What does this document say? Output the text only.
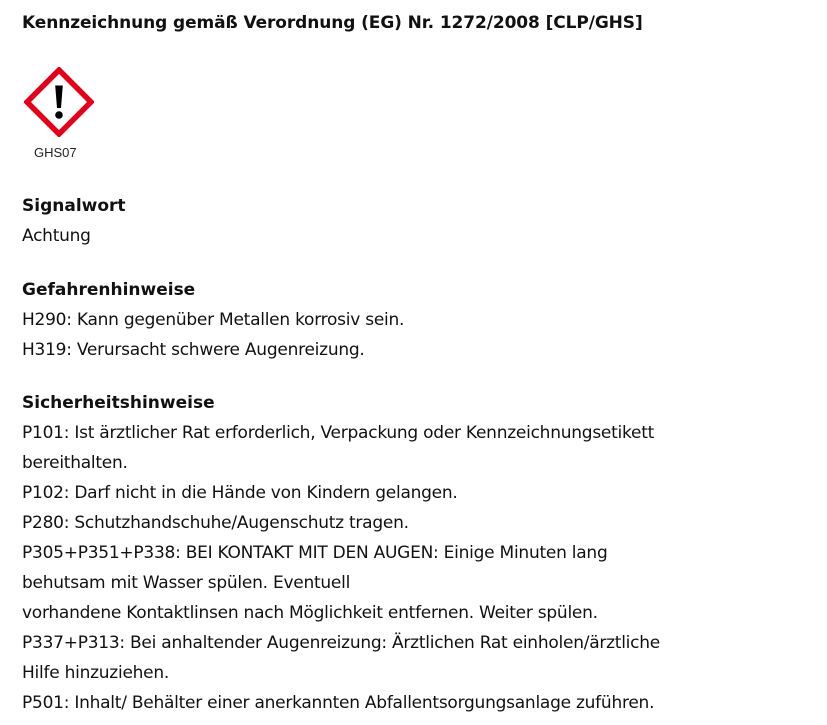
Kennzeichnung gemäß Verordnung (EG) Nr. 1272/2008 [CLP/GHS]
GHS07

Signalwort

Achtung

Gefahrenhinweise

H290: Kann gegenüber Metallen korrosiv sein.

H319: Verursacht schwere Augenreizung.

Sicherheitshinweise

P101: Ist ärztlicher Rat erforderlich, Verpackung oder Kennzeichnungsetikett

bereithalten.

P102: Darf nicht in die Hände von Kindern gelangen.

P280: Schutzhandschuhe/Augenschutz tragen.

P305+P351+P338: BEI KONTAKT MIT DEN AUGEN: Einige Minuten lang

behutsam mit Wasser spülen. Eventuell

vorhandene Kontaktlinsen nach Möglichkeit entfernen. Weiter spülen.

P337+P313: Bei anhaltender Augenreizung: Ärztlichen Rat einholen/ärztliche

Hilfe hinzuziehen.

P501: Inhalt/ Behälter einer anerkannten Abfallentsorgungsanlage zuführen.
